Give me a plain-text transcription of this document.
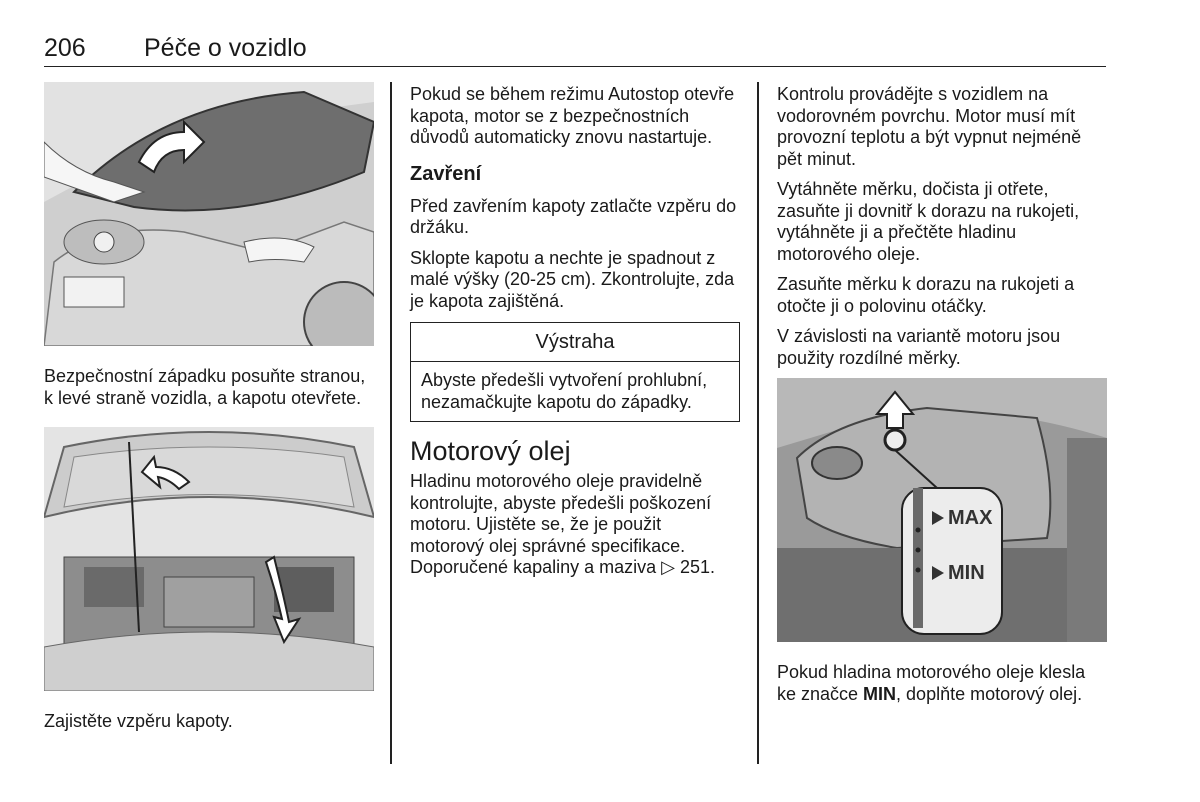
206 Péče o vozidlo

Bezpečnostní západku posuňte stranou, k levé straně vozidla, a kapotu otevřete.

Zajistěte vzpěru kapoty.

Pokud se během režimu Autostop otevře kapota, motor se z bezpečnostních důvodů automaticky znovu nastartuje.

Zavření

Před zavřením kapoty zatlačte vzpěru do držáku.

Sklopte kapotu a nechte je spadnout z malé výšky (20-25 cm). Zkontrolujte, zda je kapota zajištěná.

Výstraha

Abyste předešli vytvoření prohlubní, nezamačkujte kapotu do západky.

Motorový olej

Hladinu motorového oleje pravidelně kontrolujte, abyste předešli poškození motoru. Ujistěte se, že je použit motorový olej správné specifikace. Doporučené kapaliny a maziva ▷ 251.

Kontrolu provádějte s vozidlem na vodorovném povrchu. Motor musí mít provozní teplotu a být vypnut nejméně pět minut.

Vytáhněte měrku, dočista ji otřete, zasuňte ji dovnitř k dorazu na rukojeti, vytáhněte ji a přečtěte hladinu motorového oleje.

Zasuňte měrku k dorazu na rukojeti a otočte ji o polovinu otáčky.

V závislosti na variantě motoru jsou použity rozdílné měrky.

MAX
MIN

Pokud hladina motorového oleje klesla ke značce MIN, doplňte motorový olej.
